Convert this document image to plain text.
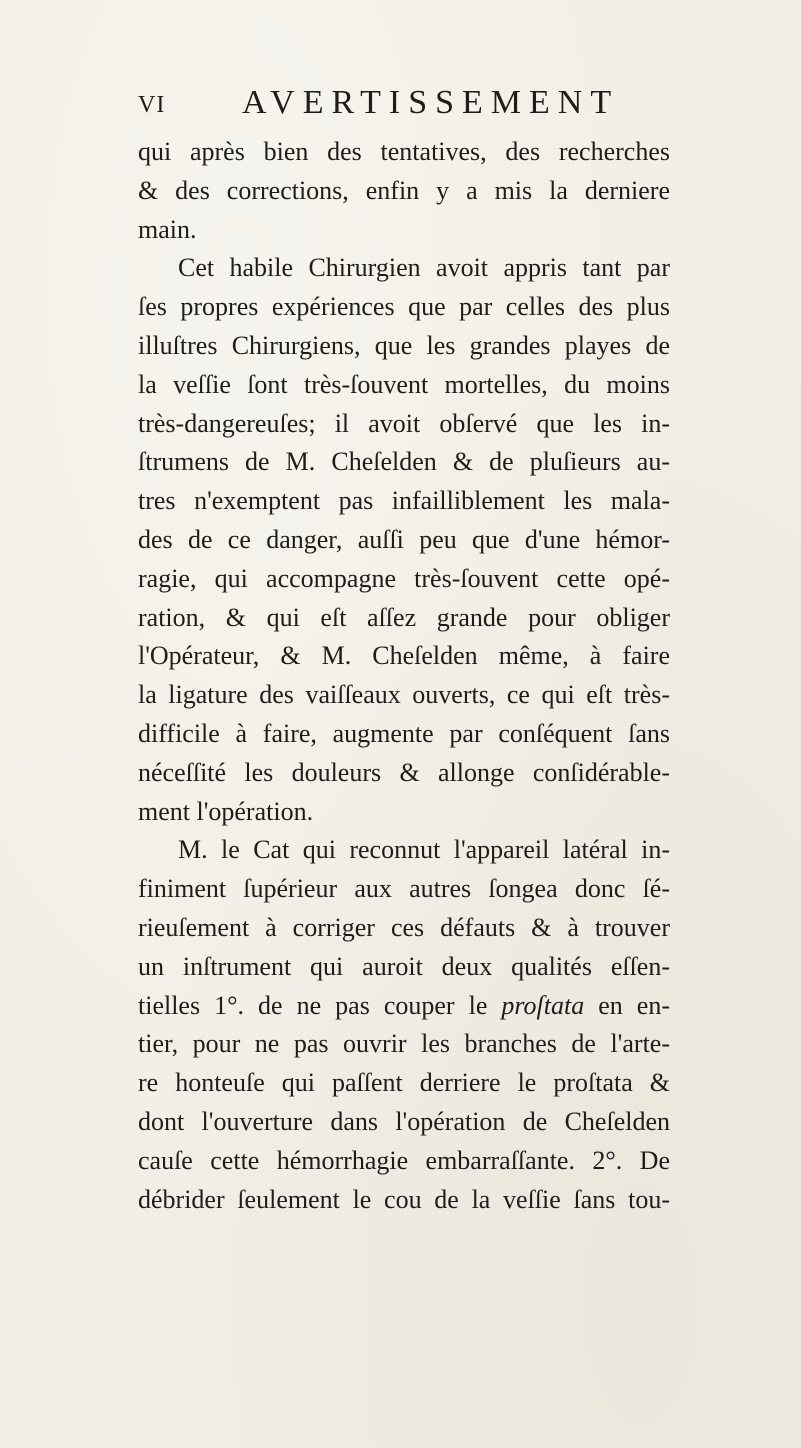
VI AVERTISSEMENT
qui après bien des tentatives, des recherches
& des corrections, enfin y a mis la derniere
main.
Cet habile Chirurgien avoit appris tant par
ſes propres expériences que par celles des plus
illuſtres Chirurgiens, que les grandes playes de
la veſſie ſont très-ſouvent mortelles, du moins
très-dangereuſes; il avoit obſervé que les in-
ſtrumens de M. Cheſelden & de pluſieurs au-
tres n'exemptent pas infailliblement les mala-
des de ce danger, auſſi peu que d'une hémor-
ragie, qui accompagne très-ſouvent cette opé-
ration, & qui eſt aſſez grande pour obliger
l'Opérateur, & M. Cheſelden même, à faire
la ligature des vaiſſeaux ouverts, ce qui eſt très-
difficile à faire, augmente par conſéquent ſans
néceſſité les douleurs & allonge conſidérable-
ment l'opération.
M. le Cat qui reconnut l'appareil latéral in-
finiment ſupérieur aux autres ſongea donc ſé-
rieuſement à corriger ces défauts & à trouver
un inſtrument qui auroit deux qualités eſſen-
tielles 1°. de ne pas couper le proſtata en en-
tier, pour ne pas ouvrir les branches de l'arte-
re honteuſe qui paſſent derriere le proſtata &
dont l'ouverture dans l'opération de Cheſelden
cauſe cette hémorrhagie embarraſſante. 2°. De
débrider ſeulement le cou de la veſſie ſans tou-
